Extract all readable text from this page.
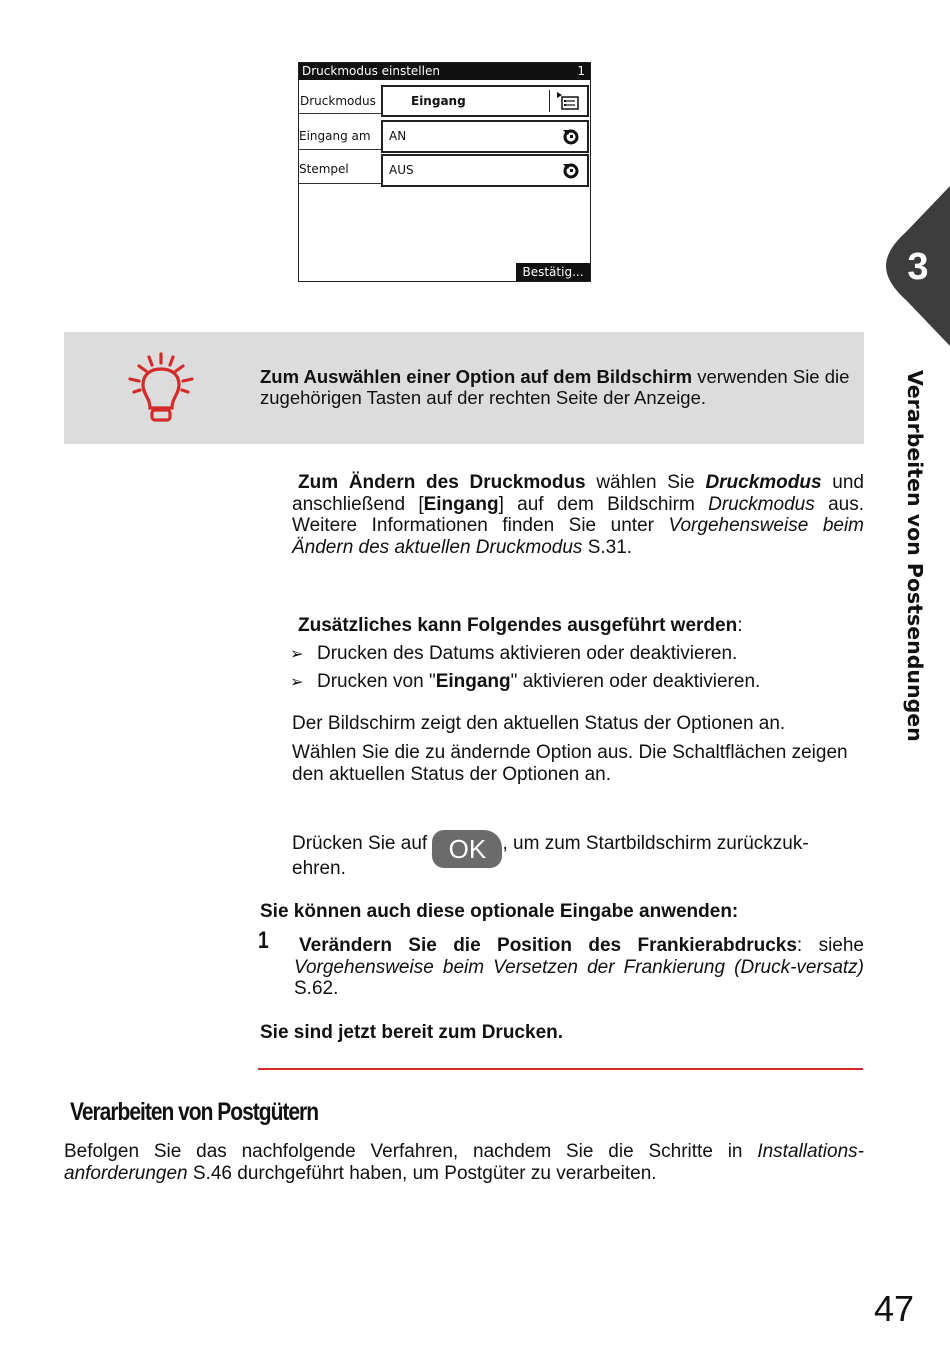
Druckmodus einstellen	1
Druckmodus	Eingang
Eingang am AN
Stempel	AUS
Bestätig...
Zum Auswählen einer Option auf dem Bildschirm verwenden Sie die zugehörigen Tasten auf der rechten Seite der Anzeige.
Zum Ändern des Druckmodus wählen Sie Druckmodus und anschließend [Eingang] auf dem Bildschirm Druckmodus aus. Weitere Informationen finden Sie unter Vorgehensweise beim Ändern des aktuellen Druckmodus S.31.
Zusätzliches kann Folgendes ausgeführt werden:
➢ Drucken des Datums aktivieren oder deaktivieren.
➢ Drucken von "Eingang" aktivieren oder deaktivieren.
Der Bildschirm zeigt den aktuellen Status der Optionen an.
Wählen Sie die zu ändernde Option aus. Die Schaltflächen zeigen den aktuellen Status der Optionen an.
Drücken Sie auf OK , um zum Startbildschirm zurückzuk-
ehren.
Sie können auch diese optionale Eingabe anwenden:
1 Verändern Sie die Position des Frankierabdrucks: siehe Vorgehensweise beim Versetzen der Frankierung (Druck-versatz) S.62.
Sie sind jetzt bereit zum Drucken.
Verarbeiten von Postgütern
Befolgen Sie das nachfolgende Verfahren, nachdem Sie die Schritte in Installations-anforderungen S.46 durchgeführt haben, um Postgüter zu verarbeiten.
3
Verarbeiten von Postsendungen
47
